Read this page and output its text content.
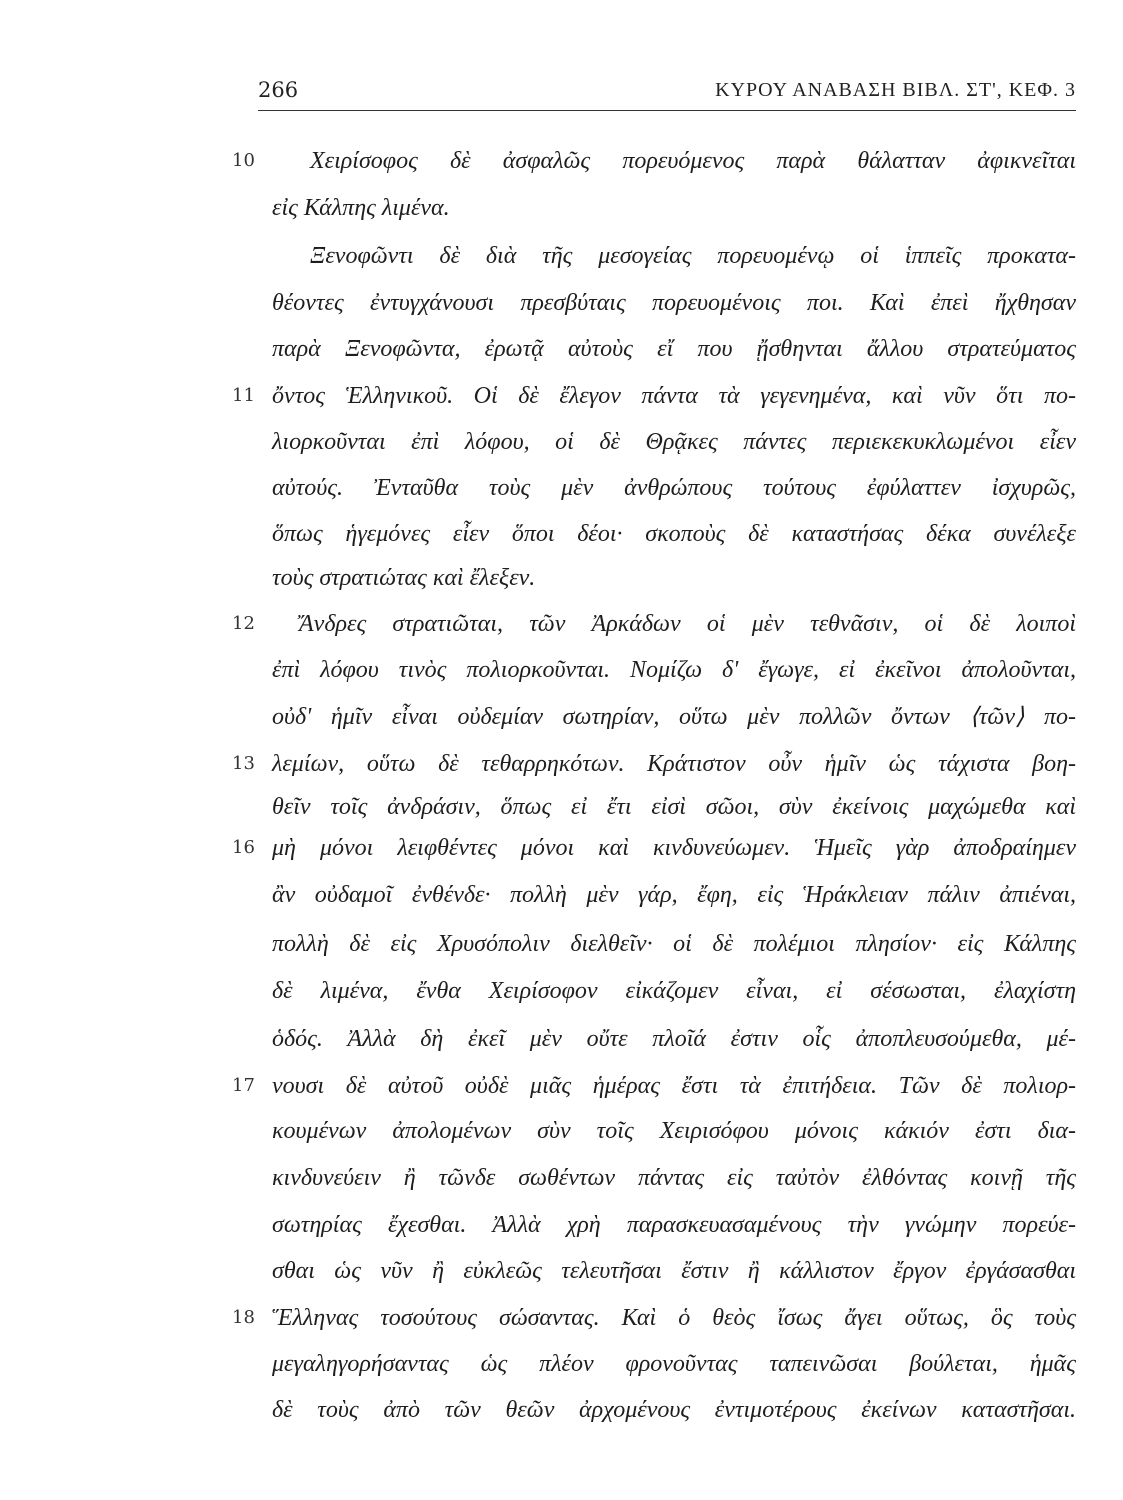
266	ΚΥΡΟΥ ΑΝΑΒΑΣΗ ΒΙΒΛ. ΣΤ', ΚΕΦ. 3
10
11
12
13
16
17
18
Χειρίσοφος δὲ ἀσφαλῶς πορευόμενος παρὰ θάλατταν ἀφικνεῖται
εἰς Κάλπης λιμένα.
Ξενοφῶντι δὲ διὰ τῆς μεσογείας πορευομένῳ οἱ ἱππεῖς προκατα-
θέοντες ἐντυγχάνουσι πρεσβύταις πορευομένοις ποι. Καὶ ἐπεὶ ἤχθησαν
παρὰ Ξενοφῶντα, ἐρωτᾷ αὐτοὺς εἴ που ᾔσθηνται ἄλλου στρατεύματος
ὄντος Ἑλληνικοῦ. Οἱ δὲ ἔλεγον πάντα τὰ γεγενημένα, καὶ νῦν ὅτι πο-
λιορκοῦνται ἐπὶ λόφου, οἱ δὲ Θρᾷκες πάντες περιεκεκυκλωμένοι εἶεν
αὐτούς. Ἐνταῦθα τοὺς μὲν ἀνθρώπους τούτους ἐφύλαττεν ἰσχυρῶς,
ὅπως ἡγεμόνες εἶεν ὅποι δέοι· σκοποὺς δὲ καταστήσας δέκα συνέλεξε
τοὺς στρατιώτας καὶ ἔλεξεν.
Ἄνδρες στρατιῶται, τῶν Ἀρκάδων οἱ μὲν τεθνᾶσιν, οἱ δὲ λοιποὶ
ἐπὶ λόφου τινὸς πολιορκοῦνται. Νομίζω δ' ἔγωγε, εἰ ἐκεῖνοι ἀπολοῦνται,
οὐδ' ἡμῖν εἶναι οὐδεμίαν σωτηρίαν, οὕτω μὲν πολλῶν ὄντων ⟨τῶν⟩ πο-
λεμίων, οὕτω δὲ τεθαρρηκότων. Κράτιστον οὖν ἡμῖν ὡς τάχιστα βοη-
θεῖν τοῖς ἀνδράσιν, ὅπως εἰ ἔτι εἰσὶ σῶοι, σὺν ἐκείνοις μαχώμεθα καὶ
μὴ μόνοι λειφθέντες μόνοι καὶ κινδυνεύωμεν. Ἡμεῖς γὰρ ἀποδραίημεν
ἂν οὐδαμοῖ ἐνθένδε· πολλὴ μὲν γάρ, ἔφη, εἰς Ἡράκλειαν πάλιν ἀπιέναι,
πολλὴ δὲ εἰς Χρυσόπολιν διελθεῖν· οἱ δὲ πολέμιοι πλησίον· εἰς Κάλπης
δὲ λιμένα, ἔνθα Χειρίσοφον εἰκάζομεν εἶναι, εἰ σέσωσται, ἐλαχίστη
ὁδός. Ἀλλὰ δὴ ἐκεῖ μὲν οὔτε πλοῖά ἐστιν οἷς ἀποπλευσούμεθα, μέ-
νουσι δὲ αὐτοῦ οὐδὲ μιᾶς ἡμέρας ἔστι τὰ ἐπιτήδεια. Τῶν δὲ πολιορ-
κουμένων ἀπολομένων σὺν τοῖς Χειρισόφου μόνοις κάκιόν ἐστι δια-
κινδυνεύειν ἢ τῶνδε σωθέντων πάντας εἰς ταὐτὸν ἐλθόντας κοινῇ τῆς
σωτηρίας ἔχεσθαι. Ἀλλὰ χρὴ παρασκευασαμένους τὴν γνώμην πορεύε-
σθαι ὡς νῦν ἢ εὐκλεῶς τελευτῆσαι ἔστιν ἢ κάλλιστον ἔργον ἐργάσασθαι
Ἕλληνας τοσούτους σώσαντας. Καὶ ὁ θεὸς ἴσως ἄγει οὕτως, ὃς τοὺς
μεγαληγορήσαντας ὡς πλέον φρονοῦντας ταπεινῶσαι βούλεται, ἡμᾶς
δὲ τοὺς ἀπὸ τῶν θεῶν ἀρχομένους ἐντιμοτέρους ἐκείνων καταστῆσαι.
